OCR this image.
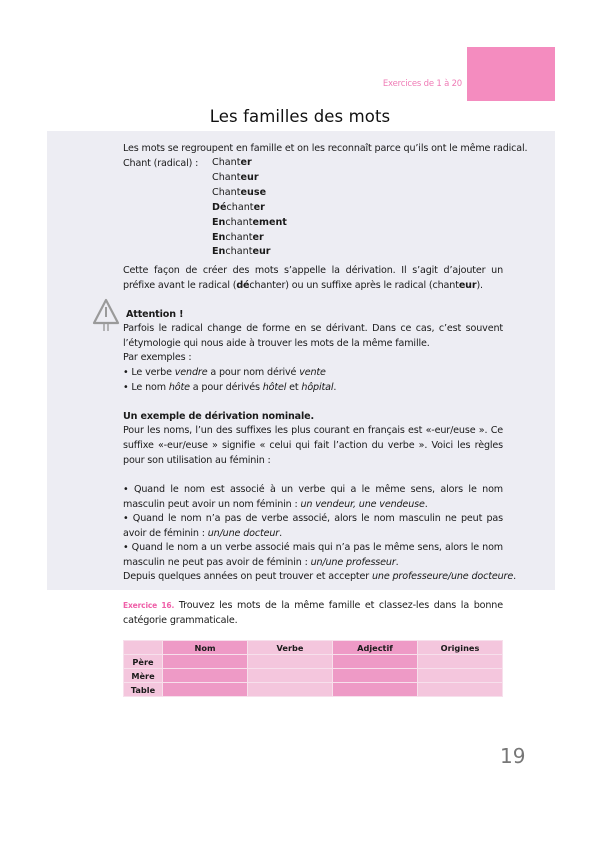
Exercices de 1 à 20
Les familles des mots
Les mots se regroupent en famille et on les reconnaît parce qu’ils ont le même radical.
Chant (radical) : Chanter
Chanteur
Chanteuse
Déchanter
Enchantement
Enchanter
Enchanteur
Cette façon de créer des mots s’appelle la dérivation. Il s’agit d’ajouter un préfixe avant le radical (déchanter) ou un suffixe après le radical (chanteur).
Attention !
Parfois le radical change de forme en se dérivant. Dans ce cas, c’est souvent l’étymologie qui nous aide à trouver les mots de la même famille.
Par exemples :
• Le verbe vendre a pour nom dérivé vente
• Le nom hôte a pour dérivés hôtel et hôpital.
Un exemple de dérivation nominale.
Pour les noms, l’un des suffixes les plus courant en français est «-eur/euse ». Ce suffixe «-eur/euse » signifie « celui qui fait l’action du verbe ». Voici les règles pour son utilisation au féminin :
• Quand le nom est associé à un verbe qui a le même sens, alors le nom masculin peut avoir un nom féminin : un vendeur, une vendeuse.
• Quand le nom n’a pas de verbe associé, alors le nom masculin ne peut pas avoir de féminin : un/une docteur.
• Quand le nom a un verbe associé mais qui n’a pas le même sens, alors le nom masculin ne peut pas avoir de féminin : un/une professeur.
Depuis quelques années on peut trouver et accepter une professeure/une docteure.
Exercice 16. Trouvez les mots de la même famille et classez-les dans la bonne catégorie grammaticale.
	Nom	Verbe	Adjectif	Origines
Père				
Mère				
Table				
19
